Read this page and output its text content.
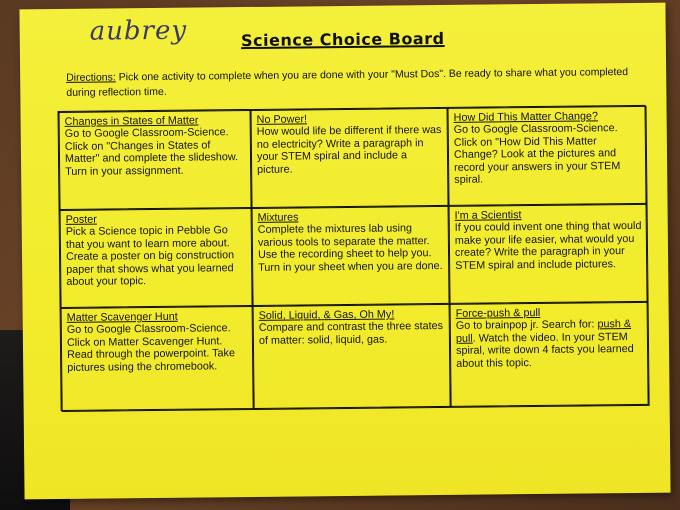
aubrey	Science Choice Board
Directions: Pick one activity to complete when you are done with your "Must Dos". Be ready to share what you completed during reflection time.
Changes in States of Matter
Go to Google Classroom-Science. Click on "Changes in States of Matter" and complete the slideshow. Turn in your assignment.
No Power!
How would life be different if there was no electricity? Write a paragraph in your STEM spiral and include a picture.
How Did This Matter Change?
Go to Google Classroom-Science. Click on "How Did This Matter Change? Look at the pictures and record your answers in your STEM spiral.
Poster
Pick a Science topic in Pebble Go that you want to learn more about. Create a poster on big construction paper that shows what you learned about your topic.
Mixtures
Complete the mixtures lab using various tools to separate the matter. Use the recording sheet to help you. Turn in your sheet when you are done.
I'm a Scientist
If you could invent one thing that would make your life easier, what would you create? Write the paragraph in your STEM spiral and include pictures.
Matter Scavenger Hunt
Go to Google Classroom-Science. Click on Matter Scavenger Hunt. Read through the powerpoint. Take pictures using the chromebook.
Solid, Liquid, & Gas, Oh My!
Compare and contrast the three states of matter: solid, liquid, gas.
Force-push & pull
Go to brainpop jr. Search for: push & pull. Watch the video. In your STEM spiral, write down 4 facts you learned about this topic.
